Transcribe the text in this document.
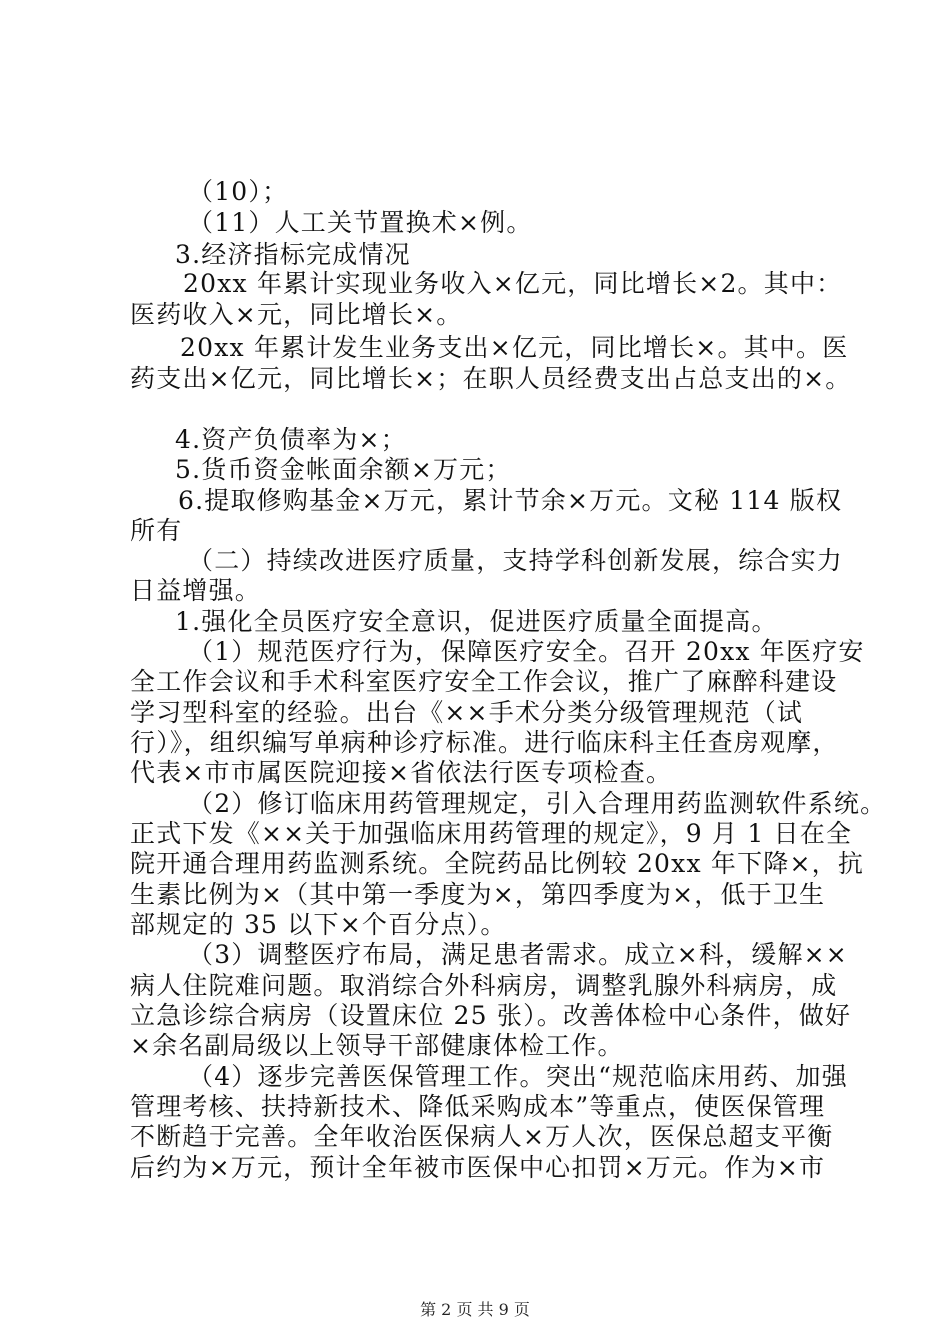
（10）；
（11）人工关节置换术×例。
3.经济指标完成情况
20xx 年累计实现业务收入×亿元，同比增长×2。其中：
医药收入×元，同比增长×。
20xx 年累计发生业务支出×亿元，同比增长×。其中。医
药支出×亿元，同比增长×；在职人员经费支出占总支出的×。
4.资产负债率为×；
5.货币资金帐面余额×万元；
6.提取修购基金×万元，累计节余×万元。文秘 114 版权
所有
（二）持续改进医疗质量，支持学科创新发展，综合实力
日益增强。
1.强化全员医疗安全意识，促进医疗质量全面提高。
（1）规范医疗行为，保障医疗安全。召开 20xx 年医疗安
全工作会议和手术科室医疗安全工作会议，推广了麻醉科建设
学习型科室的经验。出台《××手术分类分级管理规范（试
行）》，组织编写单病种诊疗标准。进行临床科主任查房观摩，
代表×市市属医院迎接×省依法行医专项检查。
（2）修订临床用药管理规定，引入合理用药监测软件系统。
正式下发《××关于加强临床用药管理的规定》，9 月 1 日在全
院开通合理用药监测系统。全院药品比例较 20xx 年下降×，抗
生素比例为×（其中第一季度为×，第四季度为×，低于卫生
部规定的 35 以下×个百分点）。
（3）调整医疗布局，满足患者需求。成立×科，缓解××
病人住院难问题。取消综合外科病房，调整乳腺外科病房，成
立急诊综合病房（设置床位 25 张）。改善体检中心条件，做好
×余名副局级以上领导干部健康体检工作。
（4）逐步完善医保管理工作。突出“规范临床用药、加强
管理考核、扶持新技术、降低采购成本”等重点，使医保管理
不断趋于完善。全年收治医保病人×万人次，医保总超支平衡
后约为×万元，预计全年被市医保中心扣罚×万元。作为×市
第 2 页 共 9 页
